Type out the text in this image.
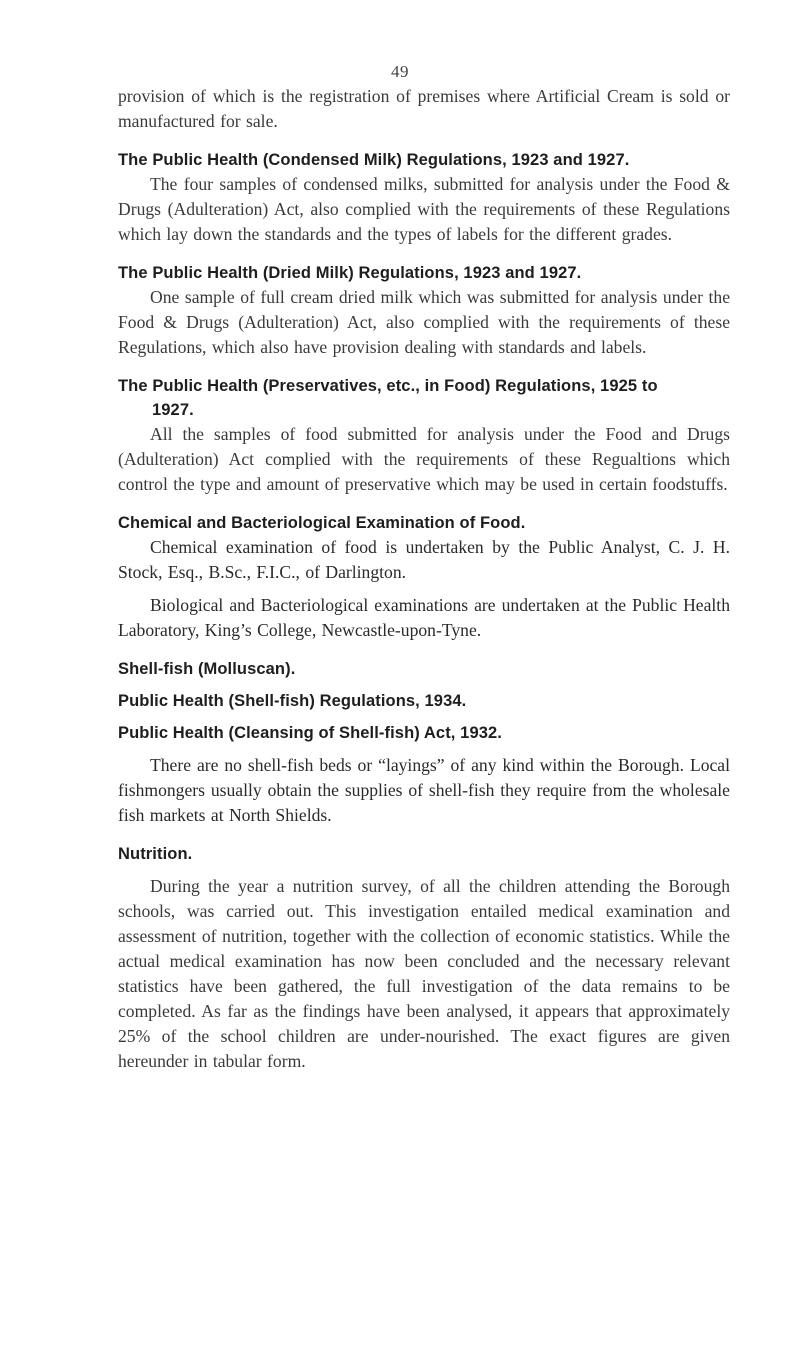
49

provision of which is the registration of premises where Artificial Cream is sold or manufactured for sale.

The Public Health (Condensed Milk) Regulations, 1923 and 1927.

The four samples of condensed milks, submitted for analysis under the Food & Drugs (Adulteration) Act, also complied with the requirements of these Regulations which lay down the standards and the types of labels for the different grades.

The Public Health (Dried Milk) Regulations, 1923 and 1927.

One sample of full cream dried milk which was submitted for analysis under the Food & Drugs (Adulteration) Act, also complied with the requirements of these Regulations, which also have provision dealing with standards and labels.

The Public Health (Preservatives, etc., in Food) Regulations, 1925 to
1927.

All the samples of food submitted for analysis under the Food and Drugs (Adulteration) Act complied with the requirements of these Regualtions which control the type and amount of preservative which may be used in certain foodstuffs.

Chemical and Bacteriological Examination of Food.

Chemical examination of food is undertaken by the Public Analyst, C. J. H. Stock, Esq., B.Sc., F.I.C., of Darlington.

Biological and Bacteriological examinations are undertaken at the Public Health Laboratory, King’s College, Newcastle-upon-Tyne.

Shell-fish (Molluscan).
Public Health (Shell-fish) Regulations, 1934.
Public Health (Cleansing of Shell-fish) Act, 1932.

There are no shell-fish beds or “layings” of any kind within the Borough. Local fishmongers usually obtain the supplies of shell-fish they require from the wholesale fish markets at North Shields.

Nutrition.

During the year a nutrition survey, of all the children attending the Borough schools, was carried out. This investigation entailed medical examination and assessment of nutrition, together with the collection of economic statistics. While the actual medical examination has now been concluded and the necessary relevant statistics have been gathered, the full investigation of the data remains to be completed. As far as the findings have been analysed, it appears that approximately 25% of the school children are under-nourished. The exact figures are given hereunder in tabular form.
